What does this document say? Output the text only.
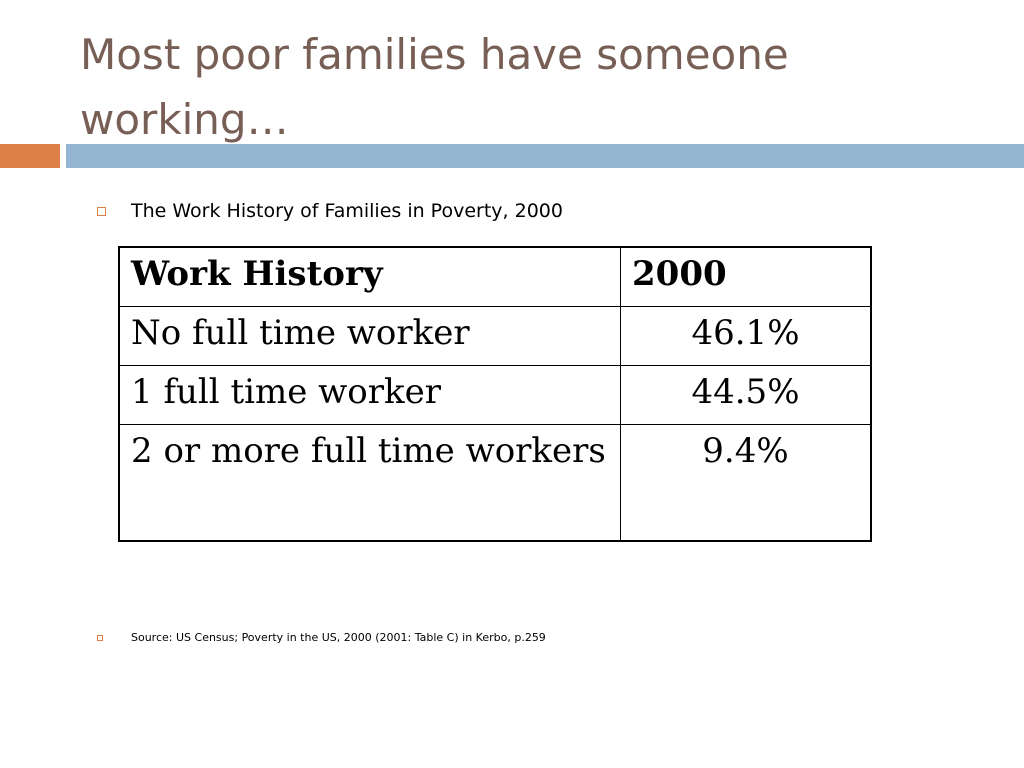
Most poor families have someone
working…
The Work History of Families in Poverty, 2000
Work History	2000
No full time worker	46.1%
1 full time worker	44.5%
2 or more full time workers	9.4%
Source: US Census; Poverty in the US, 2000 (2001: Table C) in Kerbo, p.259
